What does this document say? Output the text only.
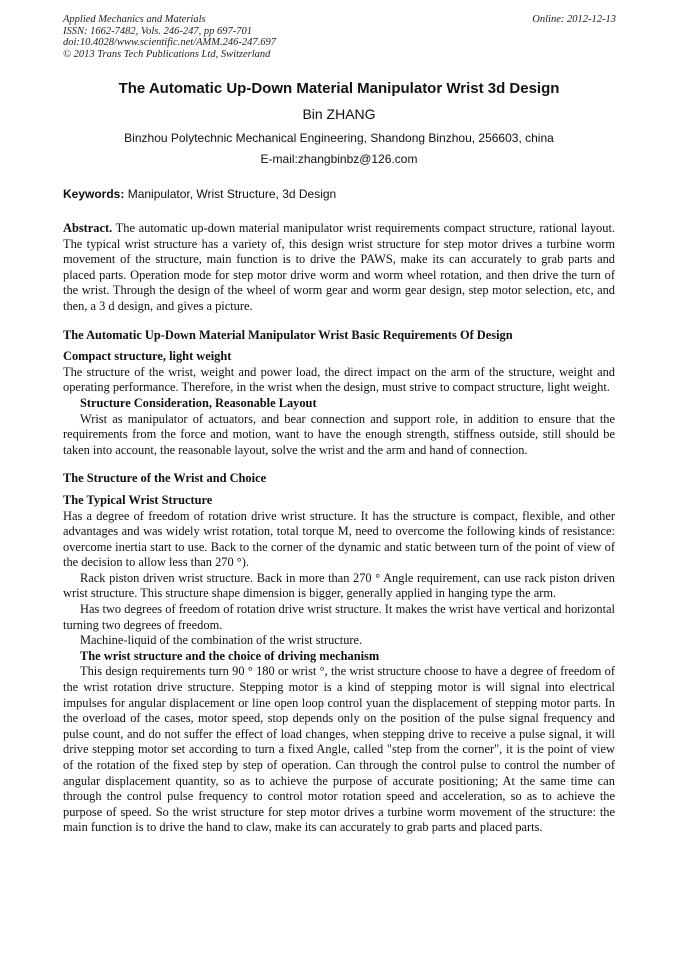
Applied Mechanics and Materials
ISSN: 1662-7482, Vols. 246-247, pp 697-701
doi:10.4028/www.scientific.net/AMM.246-247.697
© 2013 Trans Tech Publications Ltd, Switzerland
Online: 2012-12-13
The Automatic Up-Down Material Manipulator Wrist 3d Design
Bin ZHANG
Binzhou Polytechnic Mechanical Engineering, Shandong Binzhou, 256603, china
E-mail:zhangbinbz@126.com
Keywords: Manipulator, Wrist Structure, 3d Design

Abstract. The automatic up-down material manipulator wrist requirements compact structure, rational layout. The typical wrist structure has a variety of, this design wrist structure for step motor drives a turbine worm movement of the structure, main function is to drive the PAWS, make its can accurately to grab parts and placed parts. Operation mode for step motor drive worm and worm wheel rotation, and then drive the turn of the wrist. Through the design of the wheel of worm gear and worm gear design, step motor selection, etc, and then, a 3 d design, and gives a picture.

The Automatic Up-Down Material Manipulator Wrist Basic Requirements Of Design
Compact structure, light weight

The structure of the wrist, weight and power load, the direct impact on the arm of the structure, weight and operating performance. Therefore, in the wrist when the design, must strive to compact structure, light weight.

Structure Consideration, Reasonable Layout

Wrist as manipulator of actuators, and bear connection and support role, in addition to ensure that the requirements from the force and motion, want to have the enough strength, stiffness outside, still should be taken into account, the reasonable layout, solve the wrist and the arm and hand of connection.

The Structure of the Wrist and Choice
The Typical Wrist Structure

Has a degree of freedom of rotation drive wrist structure. It has the structure is compact, flexible, and other advantages and was widely wrist rotation, total torque M, need to overcome the following kinds of resistance: overcome inertia start to use. Back to the corner of the dynamic and static between turn of the point of view of the decision to allow less than 270 °).

Rack piston driven wrist structure. Back in more than 270 ° Angle requirement, can use rack piston driven wrist structure. This structure shape dimension is bigger, generally applied in hanging type the arm.

Has two degrees of freedom of rotation drive wrist structure. It makes the wrist have vertical and horizontal turning two degrees of freedom.

Machine-liquid of the combination of the wrist structure.

The wrist structure and the choice of driving mechanism

This design requirements turn 90 ° 180 or wrist °, the wrist structure choose to have a degree of freedom of the wrist rotation drive structure. Stepping motor is a kind of stepping motor is will signal into electrical impulses for angular displacement or line open loop control yuan the displacement of stepping motor parts. In the overload of the cases, motor speed, stop depends only on the position of the pulse signal frequency and pulse count, and do not suffer the effect of load changes, when stepping drive to receive a pulse signal, it will drive stepping motor set according to turn a fixed Angle, called "step from the corner", it is the point of view of the rotation of the fixed step by step of operation. Can through the control pulse to control the number of angular displacement quantity, so as to achieve the purpose of accurate positioning; At the same time can through the control pulse frequency to control motor rotation speed and acceleration, so as to achieve the purpose of speed. So the wrist structure for step motor drives a turbine worm movement of the structure: the main function is to drive the hand to claw, make its can accurately to grab parts and placed parts.
